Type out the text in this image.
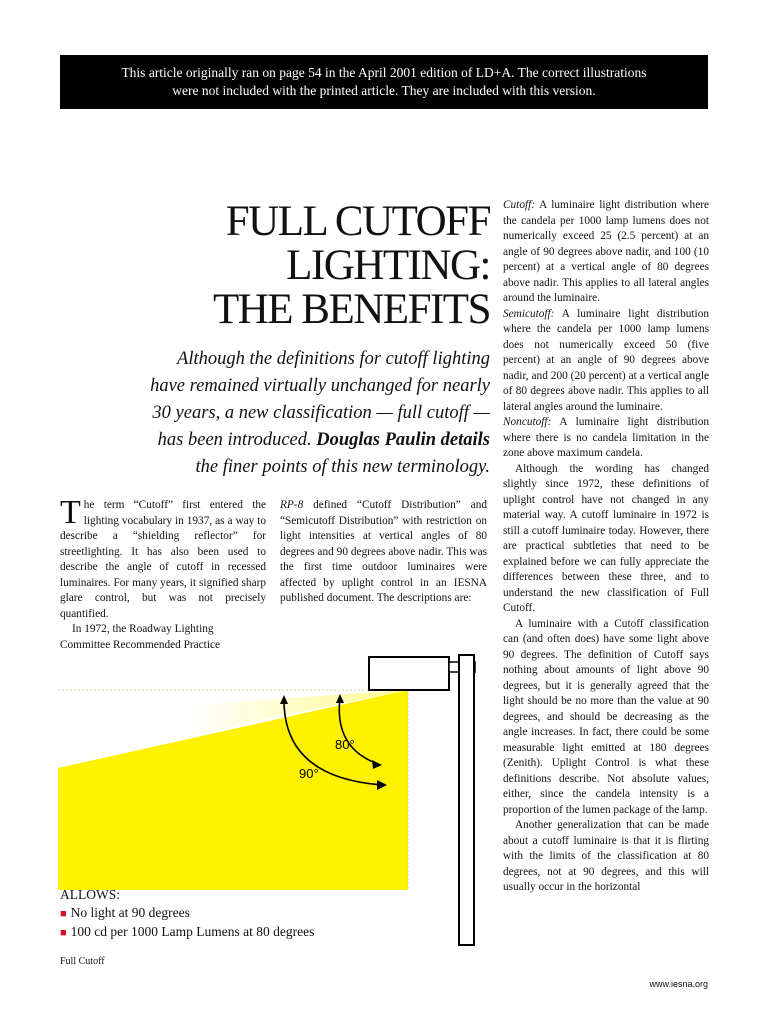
This article originally ran on page 54 in the April 2001 edition of LD+A. The correct illustrations
were not included with the printed article. They are included with this version.
FULL CUTOFF
LIGHTING:
THE BENEFITS
Although the definitions for cutoff lighting
have remained virtually unchanged for nearly
30 years, a new classification — full cutoff —
has been introduced. Douglas Paulin details
the finer points of this new terminology.

The term “Cutoff” first entered the lighting vocabulary in 1937, as a way to describe a “shielding reflector” for streetlighting. It has also been used to describe the angle of cutoff in recessed luminaires. For many years, it signified sharp glare control, but was not precisely quantified.

In 1972, the Roadway Lighting Committee Recommended Practice

RP-8 defined “Cutoff Distribution” and “Semicutoff Distribution” with restriction on light intensities at vertical angles of 80 degrees and 90 degrees above nadir. This was the first time outdoor luminaires were affected by uplight control in an IESNA published document. The descriptions are:

Cutoff: A luminaire light distribution where the candela per 1000 lamp lumens does not numerically exceed 25 (2.5 percent) at an angle of 90 degrees above nadir, and 100 (10 percent) at a vertical angle of 80 degrees above nadir. This applies to all lateral angles around the luminaire.

Semicutoff: A luminaire light distribution where the candela per 1000 lamp lumens does not numerically exceed 50 (five percent) at an angle of 90 degrees above nadir, and 200 (20 percent) at a vertical angle of 80 degrees above nadir. This applies to all lateral angles around the luminaire.

Noncutoff: A luminaire light distribution where there is no candela limitation in the zone above maximum candela.

Although the wording has changed slightly since 1972, these definitions of uplight control have not changed in any material way. A cutoff luminaire in 1972 is still a cutoff luminaire today. However, there are practical subtleties that need to be explained before we can fully appreciate the differences between these three, and to understand the new classification of Full Cutoff.

A luminaire with a Cutoff classification can (and often does) have some light above 90 degrees. The definition of Cutoff says nothing about amounts of light above 90 degrees, but it is generally agreed that the light should be no more than the value at 90 degrees, and should be decreasing as the angle increases. In fact, there could be some measurable light emitted at 180 degrees (Zenith). Uplight Control is what these definitions describe. Not absolute values, either, since the candela intensity is a proportion of the lumen package of the lamp.

Another generalization that can be made about a cutoff luminaire is that it is flirting with the limits of the classification at 80 degrees, not at 90 degrees, and this will usually occur in the horizontal

80°
90°
ALLOWS:
■ No light at 90 degrees
■ 100 cd per 1000 Lamp Lumens at 80 degrees
Full Cutoff
www.iesna.org
